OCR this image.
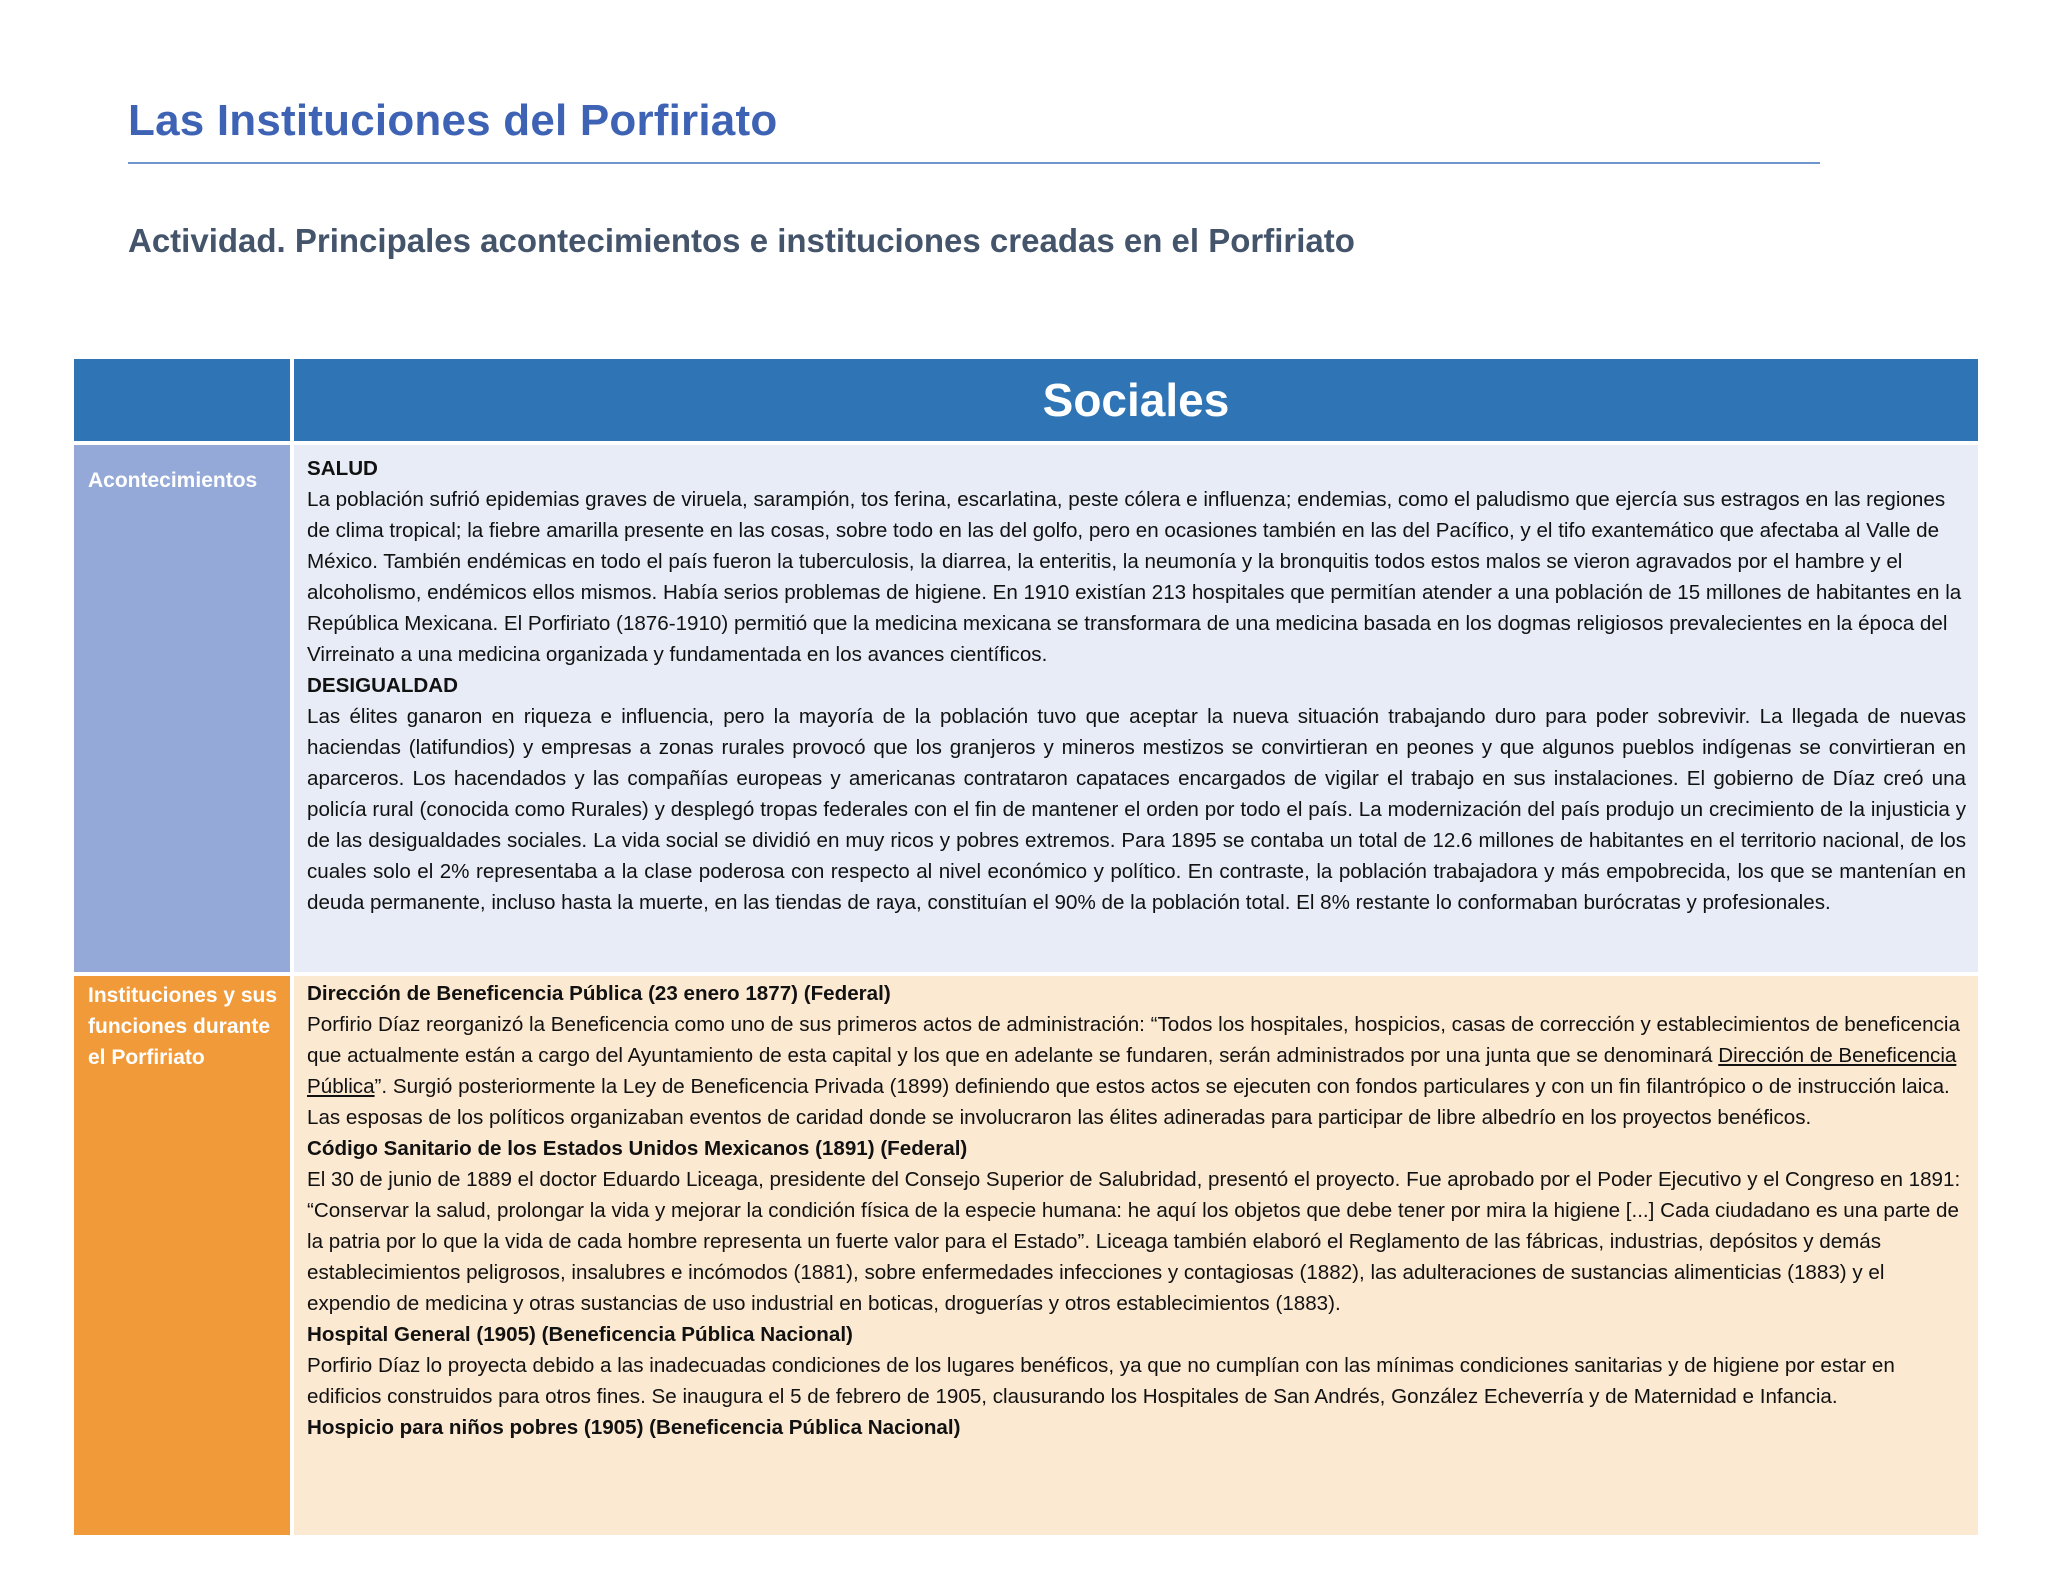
Las Instituciones del Porfiriato
Actividad. Principales acontecimientos e instituciones creadas en el Porfiriato
Sociales
Acontecimientos

SALUD

La población sufrió epidemias graves de viruela, sarampión, tos ferina, escarlatina, peste cólera e influenza; endemias, como el paludismo que ejercía sus estragos en las regiones de clima tropical; la fiebre amarilla presente en las cosas, sobre todo en las del golfo, pero en ocasiones también en las del Pacífico, y el tifo exantemático que afectaba al Valle de México. También endémicas en todo el país fueron la tuberculosis, la diarrea, la enteritis, la neumonía y la bronquitis todos estos malos se vieron agravados por el hambre y el alcoholismo, endémicos ellos mismos. Había serios problemas de higiene. En 1910 existían 213 hospitales que permitían atender a una población de 15 millones de habitantes en la República Mexicana. El Porfiriato (1876-1910) permitió que la medicina mexicana se transformara de una medicina basada en los dogmas religiosos prevalecientes en la época del Virreinato a una medicina organizada y fundamentada en los avances científicos.

DESIGUALDAD

Las élites ganaron en riqueza e influencia, pero la mayoría de la población tuvo que aceptar la nueva situación trabajando duro para poder sobrevivir. La llegada de nuevas haciendas (latifundios) y empresas a zonas rurales provocó que los granjeros y mineros mestizos se convirtieran en peones y que algunos pueblos indígenas se convirtieran en aparceros. Los hacendados y las compañías europeas y americanas contrataron capataces encargados de vigilar el trabajo en sus instalaciones. El gobierno de Díaz creó una policía rural (conocida como Rurales) y desplegó tropas federales con el fin de mantener el orden por todo el país. La modernización del país produjo un crecimiento de la injusticia y de las desigualdades sociales. La vida social se dividió en muy ricos y pobres extremos. Para 1895 se contaba un total de 12.6 millones de habitantes en el territorio nacional, de los cuales solo el 2% representaba a la clase poderosa con respecto al nivel económico y político. En contraste, la población trabajadora y más empobrecida, los que se mantenían en deuda permanente, incluso hasta la muerte, en las tiendas de raya, constituían el 90% de la población total. El 8% restante lo conformaban burócratas y profesionales.

Instituciones y sus funciones durante el Porfiriato

Dirección de Beneficencia Pública (23 enero 1877) (Federal)

Porfirio Díaz reorganizó la Beneficencia como uno de sus primeros actos de administración: “Todos los hospitales, hospicios, casas de corrección y establecimientos de beneficencia que actualmente están a cargo del Ayuntamiento de esta capital y los que en adelante se fundaren, serán administrados por una junta que se denominará Dirección de Beneficencia Pública”. Surgió posteriormente la Ley de Beneficencia Privada (1899) definiendo que estos actos se ejecuten con fondos particulares y con un fin filantrópico o de instrucción laica. Las esposas de los políticos organizaban eventos de caridad donde se involucraron las élites adineradas para participar de libre albedrío en los proyectos benéficos.

Código Sanitario de los Estados Unidos Mexicanos (1891) (Federal)

El 30 de junio de 1889 el doctor Eduardo Liceaga, presidente del Consejo Superior de Salubridad, presentó el proyecto. Fue aprobado por el Poder Ejecutivo y el Congreso en 1891: “Conservar la salud, prolongar la vida y mejorar la condición física de la especie humana: he aquí los objetos que debe tener por mira la higiene [...] Cada ciudadano es una parte de la patria por lo que la vida de cada hombre representa un fuerte valor para el Estado”. Liceaga también elaboró el Reglamento de las fábricas, industrias, depósitos y demás establecimientos peligrosos, insalubres e incómodos (1881), sobre enfermedades infecciones y contagiosas (1882), las adulteraciones de sustancias alimenticias (1883) y el expendio de medicina y otras sustancias de uso industrial en boticas, droguerías y otros establecimientos (1883).

Hospital General (1905) (Beneficencia Pública Nacional)

Porfirio Díaz lo proyecta debido a las inadecuadas condiciones de los lugares benéficos, ya que no cumplían con las mínimas condiciones sanitarias y de higiene por estar en edificios construidos para otros fines. Se inaugura el 5 de febrero de 1905, clausurando los Hospitales de San Andrés, González Echeverría y de Maternidad e Infancia.

Hospicio para niños pobres (1905) (Beneficencia Pública Nacional)
